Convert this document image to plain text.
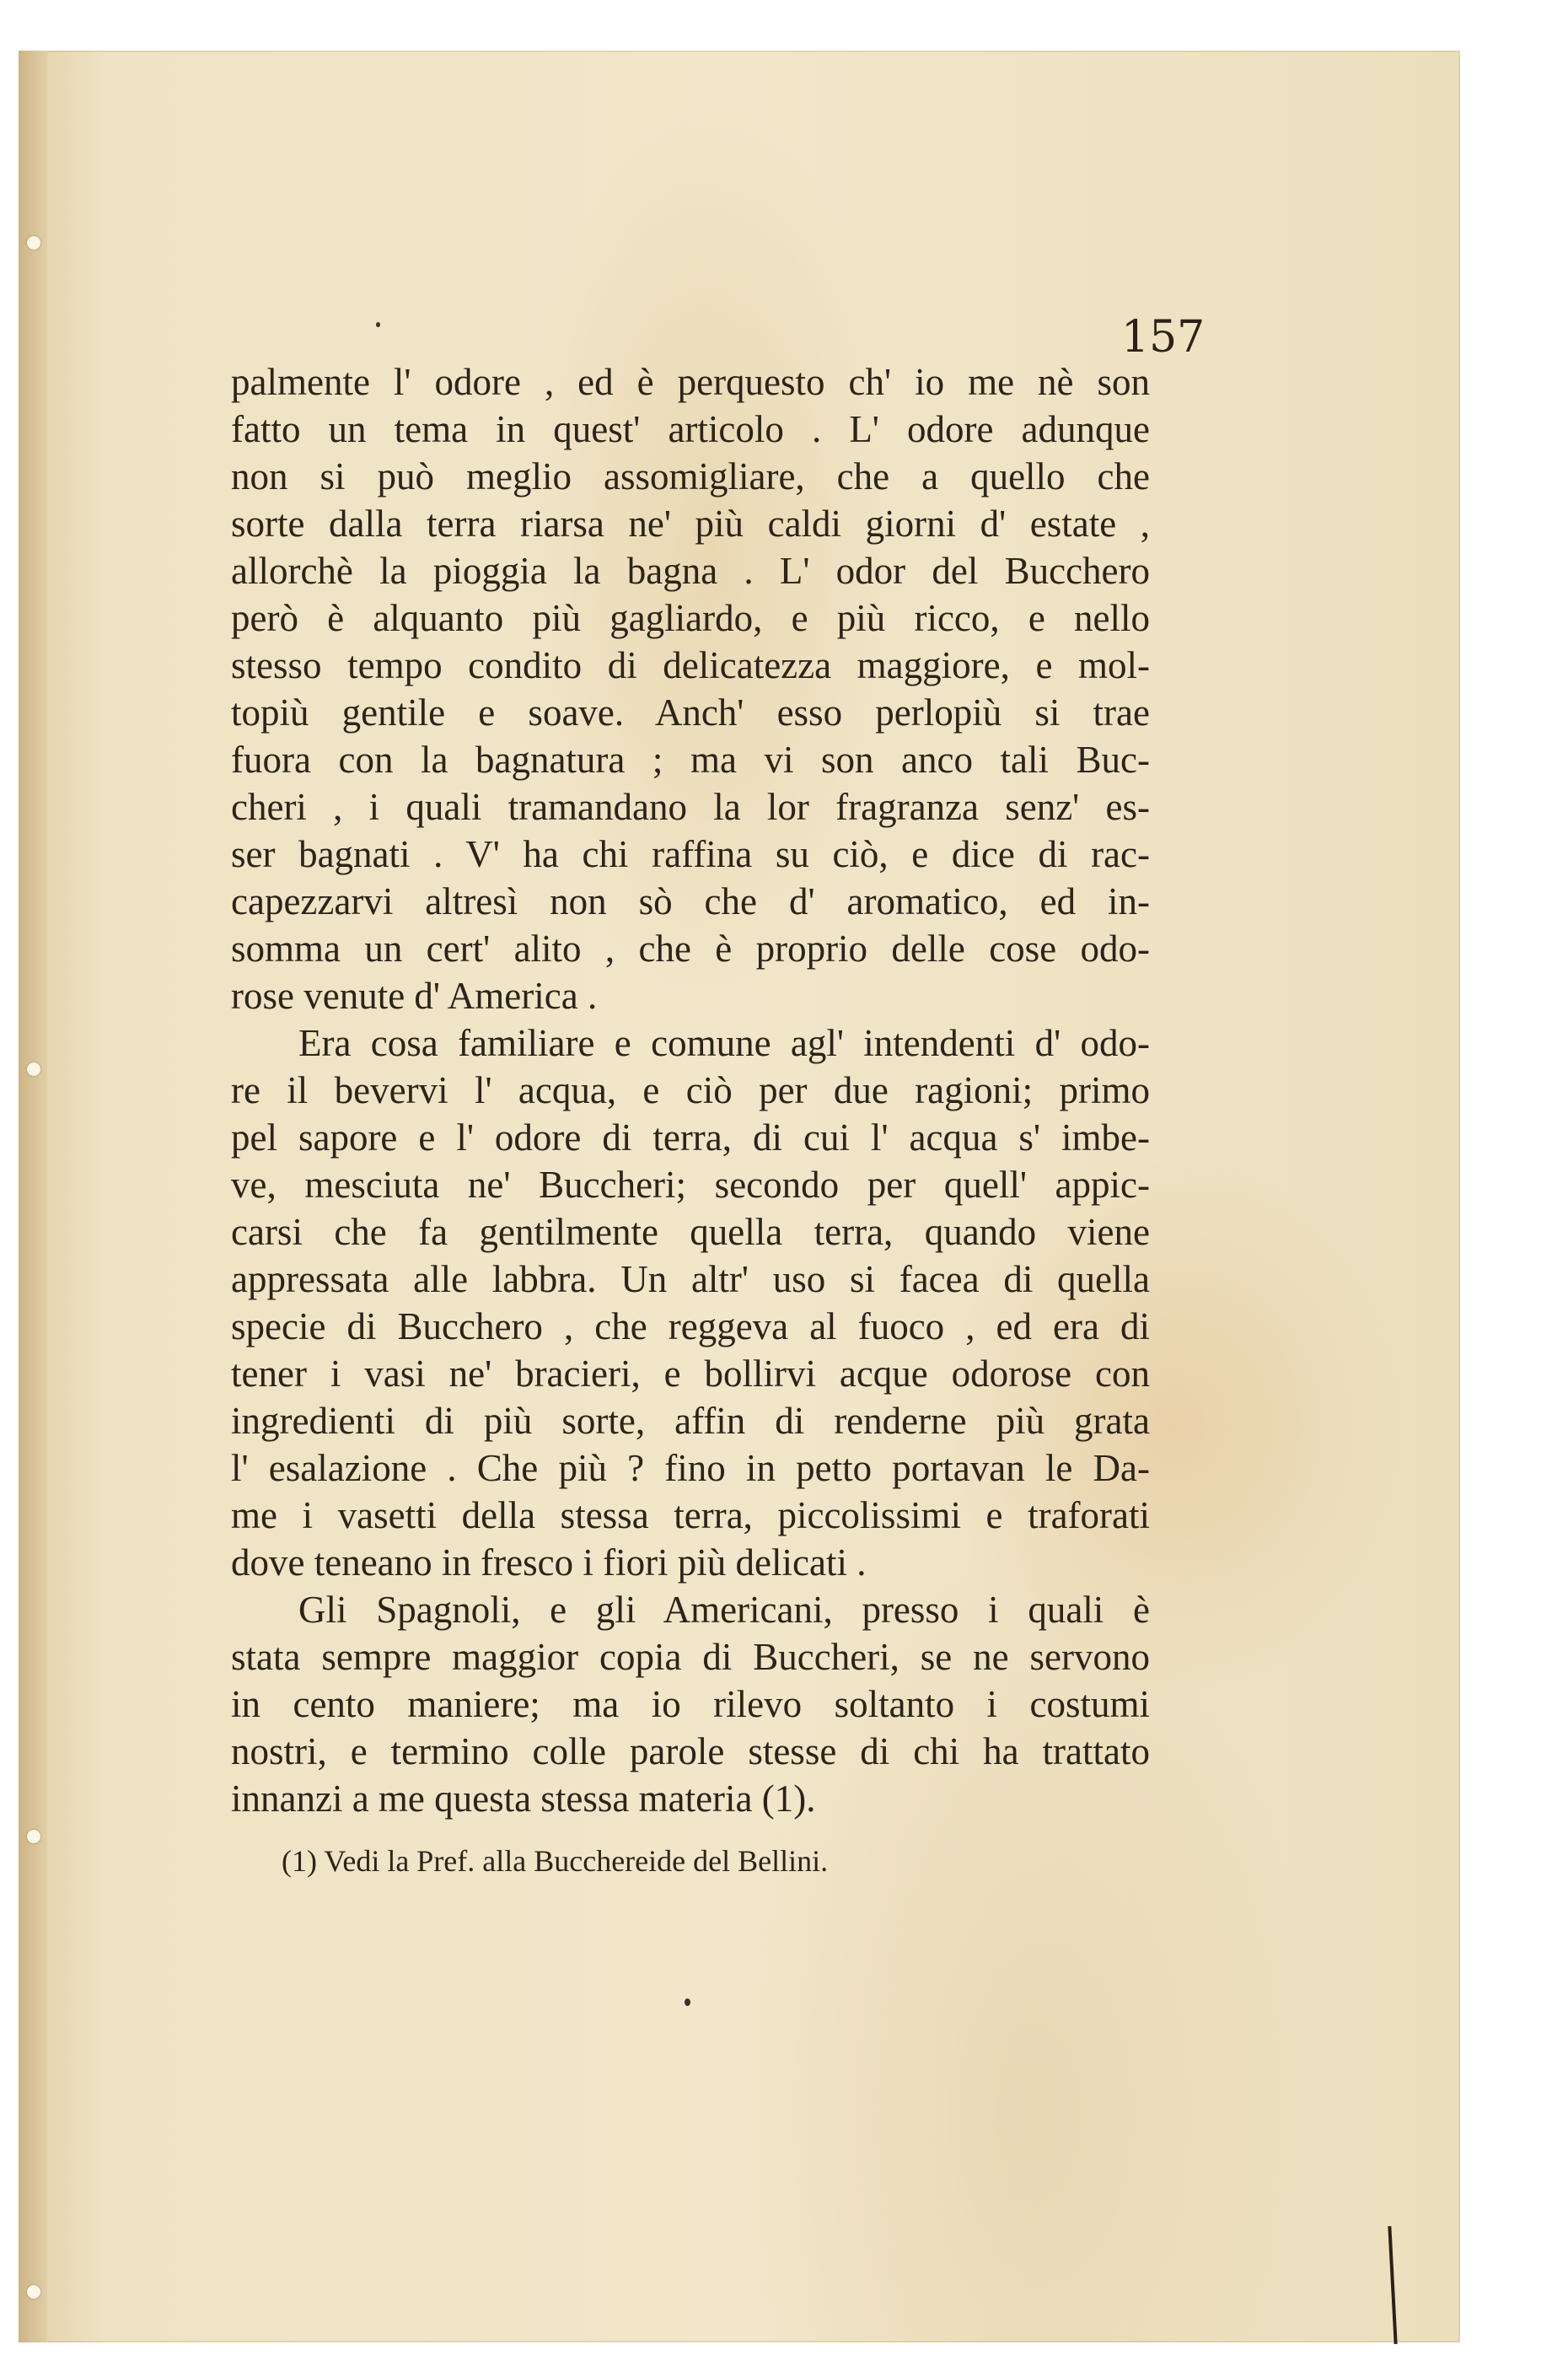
157
palmente l' odore , ed è perquesto ch' io me nè son
fatto un tema in quest' articolo . L' odore adunque
non si può meglio assomigliare, che a quello che
sorte dalla terra riarsa ne' più caldi giorni d' estate ,
allorchè la pioggia la bagna . L' odor del Bucchero
però è alquanto più gagliardo, e più ricco, e nello
stesso tempo condito di delicatezza maggiore, e mol-
topiù gentile e soave. Anch' esso perlopiù si trae
fuora con la bagnatura ; ma vi son anco tali Buc-
cheri , i quali tramandano la lor fragranza senz' es-
ser bagnati . V' ha chi raffina su ciò, e dice di rac-
capezzarvi altresì non sò che d' aromatico, ed in-
somma un cert' alito , che è proprio delle cose odo-
rose venute d' America .
Era cosa familiare e comune agl' intendenti d' odo-
re il bevervi l' acqua, e ciò per due ragioni; primo
pel sapore e l' odore di terra, di cui l' acqua s' imbe-
ve, mesciuta ne' Buccheri; secondo per quell' appic-
carsi che fa gentilmente quella terra, quando viene
appressata alle labbra. Un altr' uso si facea di quella
specie di Bucchero , che reggeva al fuoco , ed era di
tener i vasi ne' bracieri, e bollirvi acque odorose con
ingredienti di più sorte, affin di renderne più grata
l' esalazione . Che più ? fino in petto portavan le Da-
me i vasetti della stessa terra, piccolissimi e traforati
dove teneano in fresco i fiori più delicati .
Gli Spagnoli, e gli Americani, presso i quali è
stata sempre maggior copia di Buccheri, se ne servono
in cento maniere; ma io rilevo soltanto i costumi
nostri, e termino colle parole stesse di chi ha trattato
innanzi a me questa stessa materia (1).
(1) Vedi la Pref. alla Bucchereide del Bellini.
